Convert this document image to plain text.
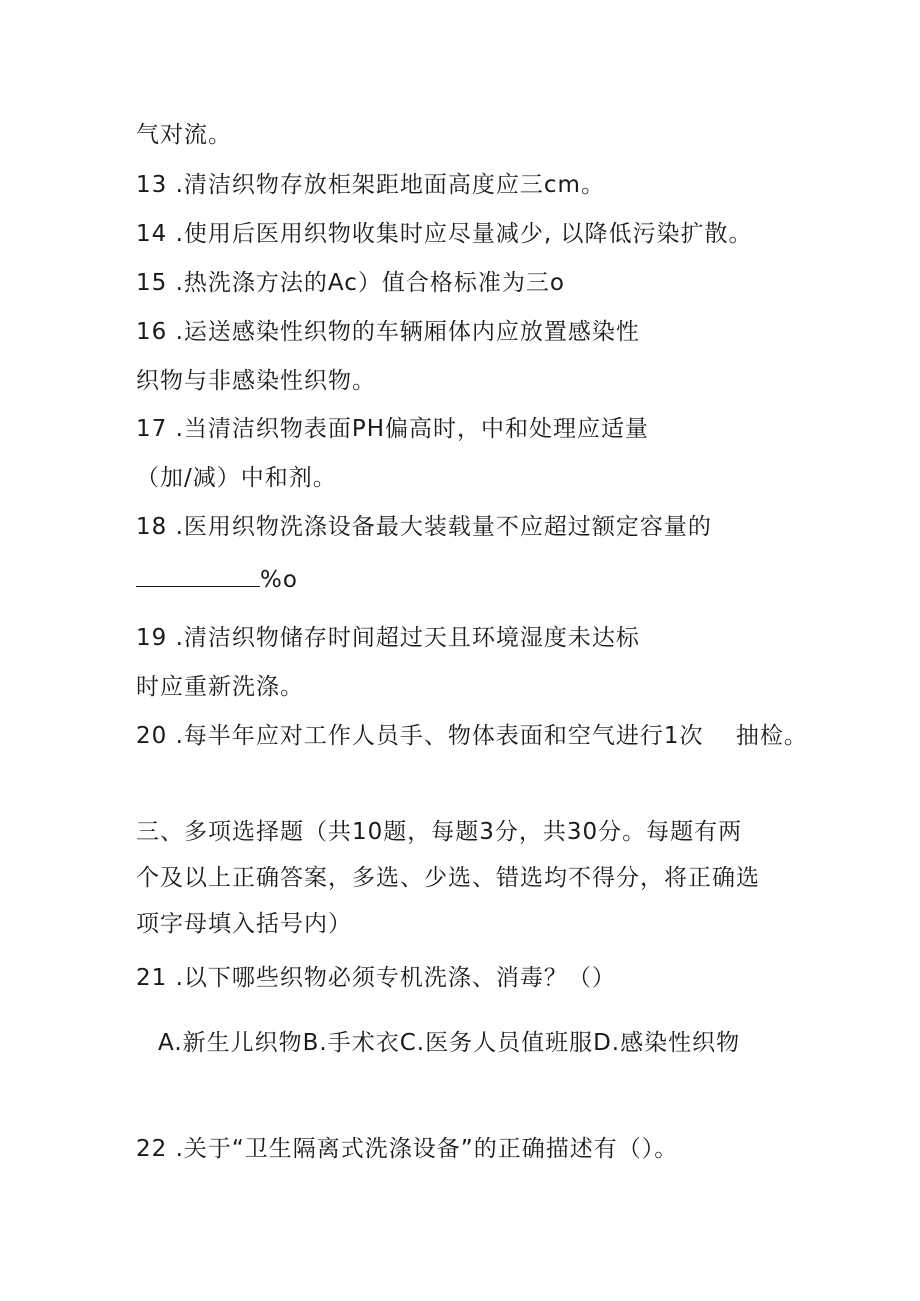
气对流。
13 .清洁织物存放柜架距地面高度应三cm。
14 .使用后医用织物收集时应尽量减少, 以降低污染扩散。
15 .热洗涤方法的Ac）值合格标准为三o
16 .运送感染性织物的车辆厢体内应放置感染性
织物与非感染性织物。
17 .当清洁织物表面PH偏高时，中和处理应适量
（加/减）中和剂。
18 .医用织物洗涤设备最大装载量不应超过额定容量的
%o
19 .清洁织物储存时间超过天且环境湿度未达标
时应重新洗涤。
20 .每半年应对工作人员手、物体表面和空气进行1次　 抽检。
三、多项选择题（共10题，每题3分，共30分。每题有两
个及以上正确答案，多选、少选、错选均不得分，将正确选
项字母填入括号内）
21 .以下哪些织物必须专机洗涤、消毒？（）
A.新生儿织物B.手术衣C.医务人员值班服D.感染性织物
22 .关于“卫生隔离式洗涤设备”的正确描述有（）。
